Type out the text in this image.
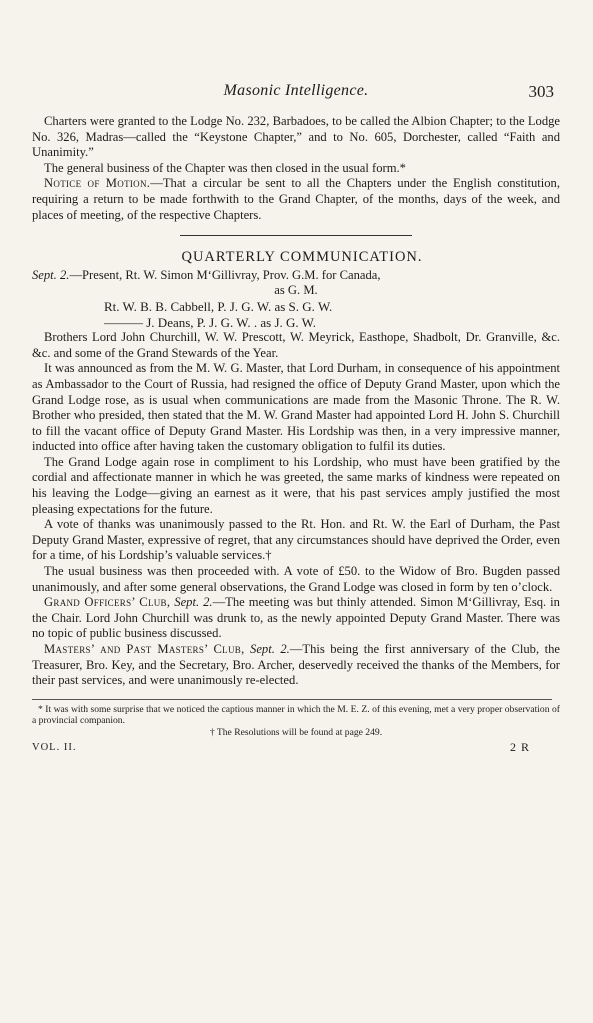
Masonic Intelligence.	303

Charters were granted to the Lodge No. 232, Barbadoes, to be called the Albion Chapter; to the Lodge No. 326, Madras—called the “Keystone Chapter,” and to No. 605, Dorchester, called “Faith and Unanimity.”

The general business of the Chapter was then closed in the usual form.*

Notice of Motion.—That a circular be sent to all the Chapters under the English constitution, requiring a return to be made forthwith to the Grand Chapter, of the months, days of the week, and places of meeting, of the respective Chapters.

QUARTERLY COMMUNICATION.

Sept. 2.—Present, Rt. W. Simon M‘Gillivray, Prov. G.M. for Canada,

as G. M.

Rt. W. B. B. Cabbell, P. J. G. W. as S. G. W.

——— J. Deans, P. J. G. W. . as J. G. W.

Brothers Lord John Churchill, W. W. Prescott, W. Meyrick, Easthope, Shadbolt, Dr. Granville, &c. &c. and some of the Grand Stewards of the Year.

It was announced as from the M. W. G. Master, that Lord Durham, in consequence of his appointment as Ambassador to the Court of Russia, had resigned the office of Deputy Grand Master, upon which the Grand Lodge rose, as is usual when communications are made from the Masonic Throne. The R. W. Brother who presided, then stated that the M. W. Grand Master had appointed Lord H. John S. Churchill to fill the vacant office of Deputy Grand Master. His Lordship was then, in a very impressive manner, inducted into office after having taken the customary obligation to fulfil its duties.

The Grand Lodge again rose in compliment to his Lordship, who must have been gratified by the cordial and affectionate manner in which he was greeted, the same marks of kindness were repeated on his leaving the Lodge—giving an earnest as it were, that his past services amply justified the most pleasing expectations for the future.

A vote of thanks was unanimously passed to the Rt. Hon. and Rt. W. the Earl of Durham, the Past Deputy Grand Master, expressive of regret, that any circumstances should have deprived the Order, even for a time, of his Lordship’s valuable services.†

The usual business was then proceeded with. A vote of £50. to the Widow of Bro. Bugden passed unanimously, and after some general observations, the Grand Lodge was closed in form by ten o’clock.

Grand Officers’ Club, Sept. 2.—The meeting was but thinly attended. Simon M‘Gillivray, Esq. in the Chair. Lord John Churchill was drunk to, as the newly appointed Deputy Grand Master. There was no topic of public business discussed.

Masters’ and Past Masters’ Club, Sept. 2.—This being the first anniversary of the Club, the Treasurer, Bro. Key, and the Secretary, Bro. Archer, deservedly received the thanks of the Members, for their past services, and were unanimously re-elected.

* It was with some surprise that we noticed the captious manner in which the M. E. Z. of this evening, met a very proper observation of a provincial companion.

† The Resolutions will be found at page 249.

VOL. II.	2 R
